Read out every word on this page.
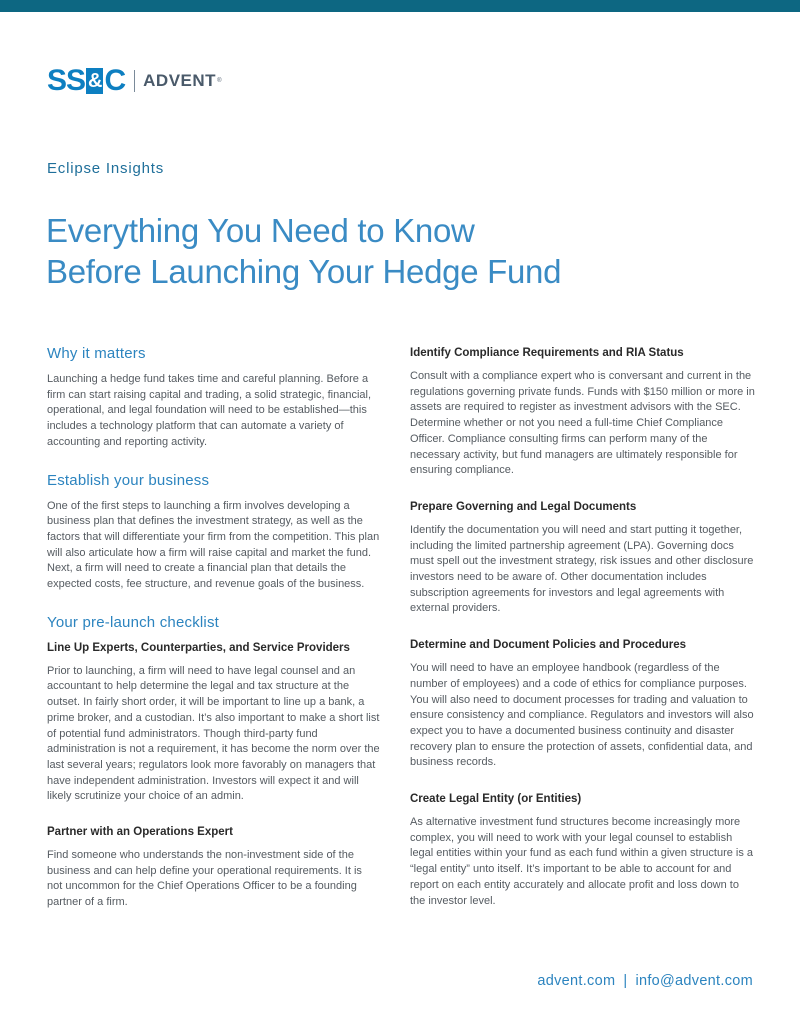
SS & C ADVENT ®
Eclipse Insights
Everything You Need to Know
Before Launching Your Hedge Fund
Why it matters

Launching a hedge fund takes time and careful planning. Before a firm can start raising capital and trading, a solid strategic, financial, operational, and legal foundation will need to be established—this includes a technology platform that can automate a variety of accounting and reporting activity.

Establish your business

One of the first steps to launching a firm involves developing a business plan that defines the investment strategy, as well as the factors that will differentiate your firm from the competition. This plan will also articulate how a firm will raise capital and market the fund. Next, a firm will need to create a financial plan that details the expected costs, fee structure, and revenue goals of the business.

Your pre-launch checklist
Line Up Experts, Counterparties, and Service Providers

Prior to launching, a firm will need to have legal counsel and an accountant to help determine the legal and tax structure at the outset. In fairly short order, it will be important to line up a bank, a prime broker, and a custodian. It’s also important to make a short list of potential fund administrators. Though third-party fund administration is not a requirement, it has become the norm over the last several years; regulators look more favorably on managers that have independent administration. Investors will expect it and will likely scrutinize your choice of an admin.

Partner with an Operations Expert

Find someone who understands the non-investment side of the business and can help define your operational requirements. It is not uncommon for the Chief Operations Officer to be a founding partner of a firm.

Identify Compliance Requirements and RIA Status

Consult with a compliance expert who is conversant and current in the regulations governing private funds. Funds with $150 million or more in assets are required to register as investment advisors with the SEC. Determine whether or not you need a full-time Chief Compliance Officer. Compliance consulting firms can perform many of the necessary activity, but fund managers are ultimately responsible for ensuring compliance.

Prepare Governing and Legal Documents

Identify the documentation you will need and start putting it together, including the limited partnership agreement (LPA). Governing docs must spell out the investment strategy, risk issues and other disclosure investors need to be aware of. Other documentation includes subscription agreements for investors and legal agreements with external providers.

Determine and Document Policies and Procedures

You will need to have an employee handbook (regardless of the number of employees) and a code of ethics for compliance purposes. You will also need to document processes for trading and valuation to ensure consistency and compliance. Regulators and investors will also expect you to have a documented business continuity and disaster recovery plan to ensure the protection of assets, confidential data, and business records.

Create Legal Entity (or Entities)

As alternative investment fund structures become increasingly more complex, you will need to work with your legal counsel to establish legal entities within your fund as each fund within a given structure is a “legal entity” unto itself. It’s important to be able to account for and report on each entity accurately and allocate profit and loss down to the investor level.

advent.com | info@advent.com
